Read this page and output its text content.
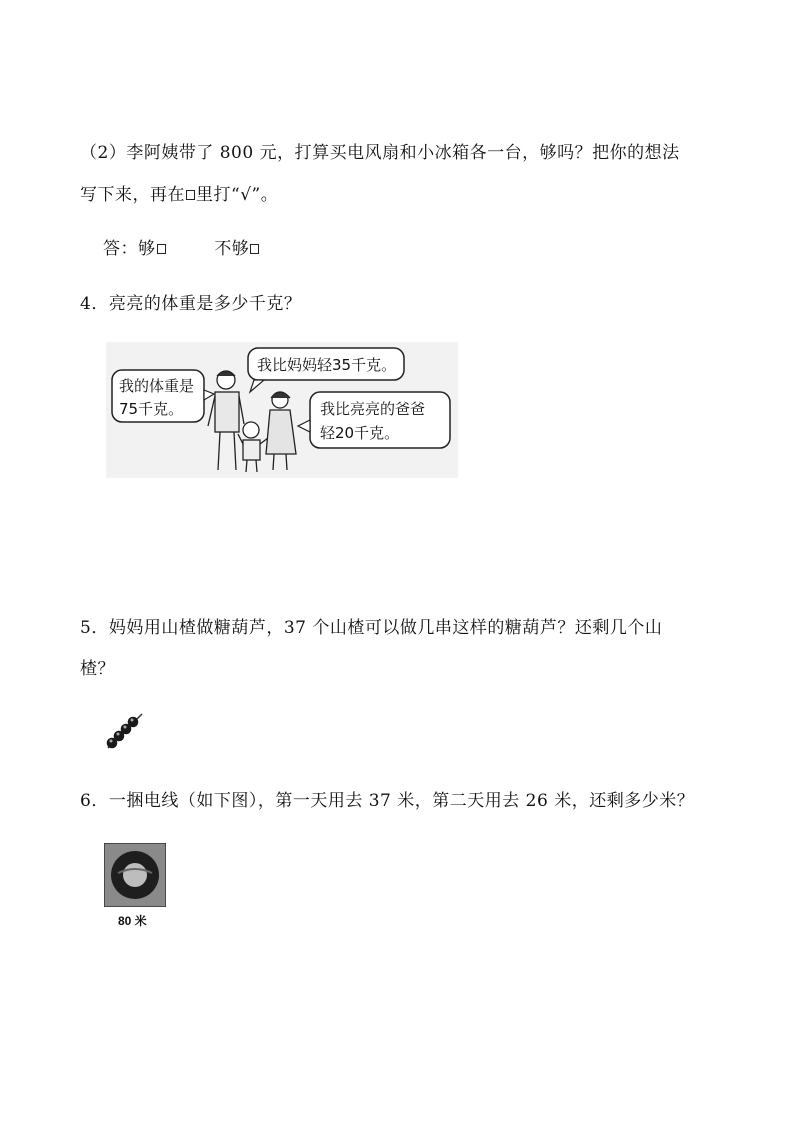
（2）李阿姨带了 800 元，打算买电风扇和小冰箱各一台，够吗？把你的想法
写下来，再在 里打“√”。
答：够	不够
4．亮亮的体重是多少千克？
我的体重是
75千克。
我比妈妈轻35千克。
我比亮亮的爸爸
轻20千克。
5．妈妈用山楂做糖葫芦，37 个山楂可以做几串这样的糖葫芦？还剩几个山
楂？
6．一捆电线（如下图），第一天用去 37 米，第二天用去 26 米，还剩多少米？
80 米
